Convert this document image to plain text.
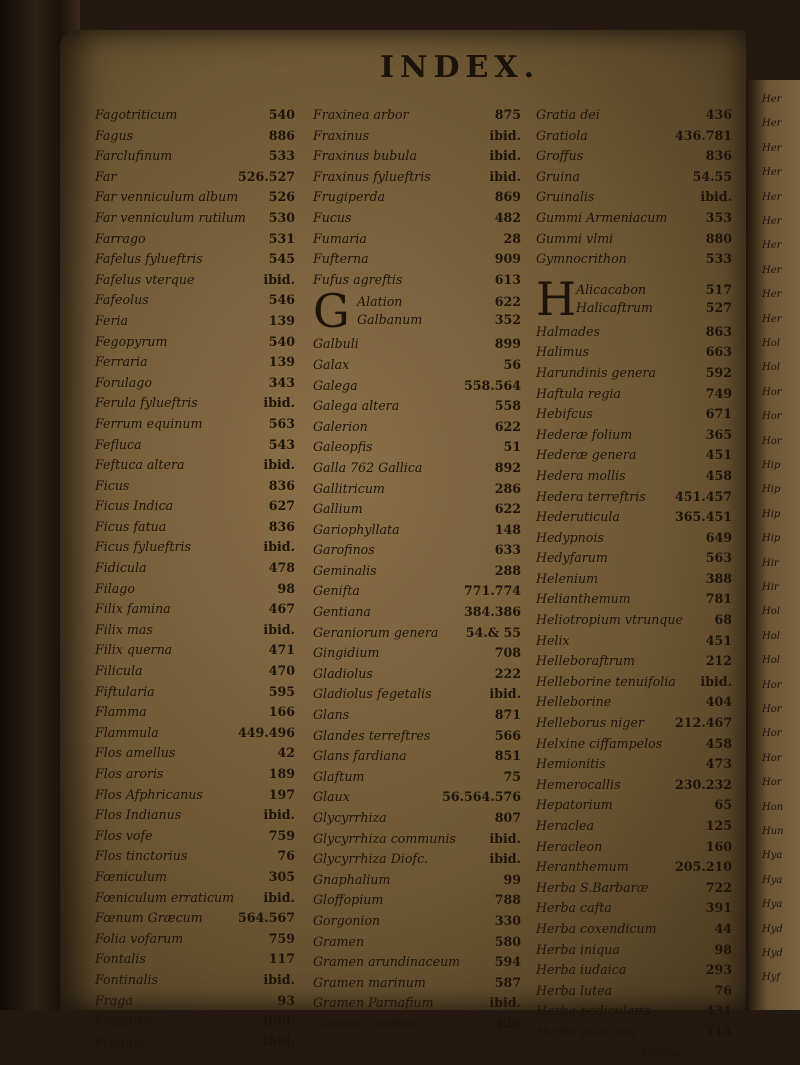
Her
Her
Her
Her
Her
Her
Her
Her
Her
Her
Hol
Hol
Hor
Hor
Hor
Hip
Hip
Hip
Hip
Hir
Hir
Hol
Hol
Hol
Hor
Hor
Hor
Hor
Hor
Hon
Hun
Hya
Hya
Hya
Hyd
Hyd
Hyf
INDEX.
Fagotriticum	540
Fagus	886
Farclufinum	533
Far	526.527
Far venniculum album 526
Far venniculum rutilum 530
Farrago	531
Fafelus fylueftris	545
Fafelus vterque	ibid.
Fafeolus	546
Feria	139
Fegopyrum	540
Ferraria	139
Forulago	343
Ferula fylueftris	ibid.
Ferrum equinum	563
Fefluca	543
Feftuca altera	ibid.
Ficus	836
Ficus Indica	627
Ficus fatua	836
Ficus fylueftris	ibid.
Fidicula	478
Filago	98
Filix famina	467
Filix mas	ibid.
Filix querna	471
Filicula	470
Fiftularia	595
Flamma	166
Flammula	449.496
Flos amellus	42
Flos aroris	189
Flos Afphricanus	197
Flos Indianus	ibid.
Flos vofe	759
Flos tinctorius	76
Fœniculum	305
Fœniculum erraticum ibid.
Fœnum Græcum	564.567
Folia vofarum	759
Fontalis	117
Fontinalis	ibid.
Fraga	93
Fragaria	ibid.
Fragula	ibid.
Fraxinea arbor	875
Fraxinus	ibid.
Fraxinus bubula	ibid.
Fraxinus fylueftris	ibid.
Frugiperda	869
Fucus	482
Fumaria	28
Fufterna	909
Fufus agreftis	613
G Alation	622
Galbanum	352
Galbuli	899
Galax	56
Galega	558.564
Galega altera	558
Galerion	622
Galeopfis	51
Galla 762 Gallica	892
Gallitricum	286
Gallium	622
Gariophyllata	148
Garofinos	633
Geminalis	288
Genifta	771.774
Gentiana	384.386
Geraniorum genera 54.& 55
Gingidium	708
Gladiolus	222
Gladiolus fegetalis	ibid.
Glans	871
Glandes terreftres	566
Glans fardiana	851
Glaftum	75
Glaux	56.564.576
Glycyrrhiza	807
Glycyrrhiza communis	ibid.
Glycyrrhiza Diofc.	ibid.
Gnaphalium	99
Gloffopium	788
Gorgonion	330
Gramen	580
Gramen arundinaceum	594
Gramen marinum	587
Gramen Parnafium	ibid.
Granum cnidium	428
Gratia dei	436
Gratiola	436.781
Groffus	836
Gruina	54.55
Gruinalis	ibid.
Gummi Armeniacum	353
Gummi vlmi	880
Gymnocrithon	533
H Alicacabon	517
Halicaftrum	527
Halmades	863
Halimus	663
Harundinis genera	592
Haftula regia	749
Hebifcus	671
Hederæ folium	365
Hederæ genera	451
Hedera mollis	458
Hedera terreftris 451.457
Hederuticula	365.451
Hedypnois	649
Hedyfarum	563
Helenium	388
Helianthemum	781
Heliotropium vtrunque	68
Helix	451
Helleboraftrum	212
Helleborine tenuifolia ibid.
Helleborine	404
Helleborus niger 212.467
Helxine ciffampelos	458
Hemionitis	473
Hemerocallis	230.232
Hepatorium	65
Heraclea	125
Heracleon	160
Heranthemum	205.210
Herba S.Barbaræ	722
Herba cafta	391
Herba coxendicum	44
Herba iniqua	98
Herba iudaica	293
Herba lutea	76
Herba pedicularis	431
Herba pulicaris	114
Herba
